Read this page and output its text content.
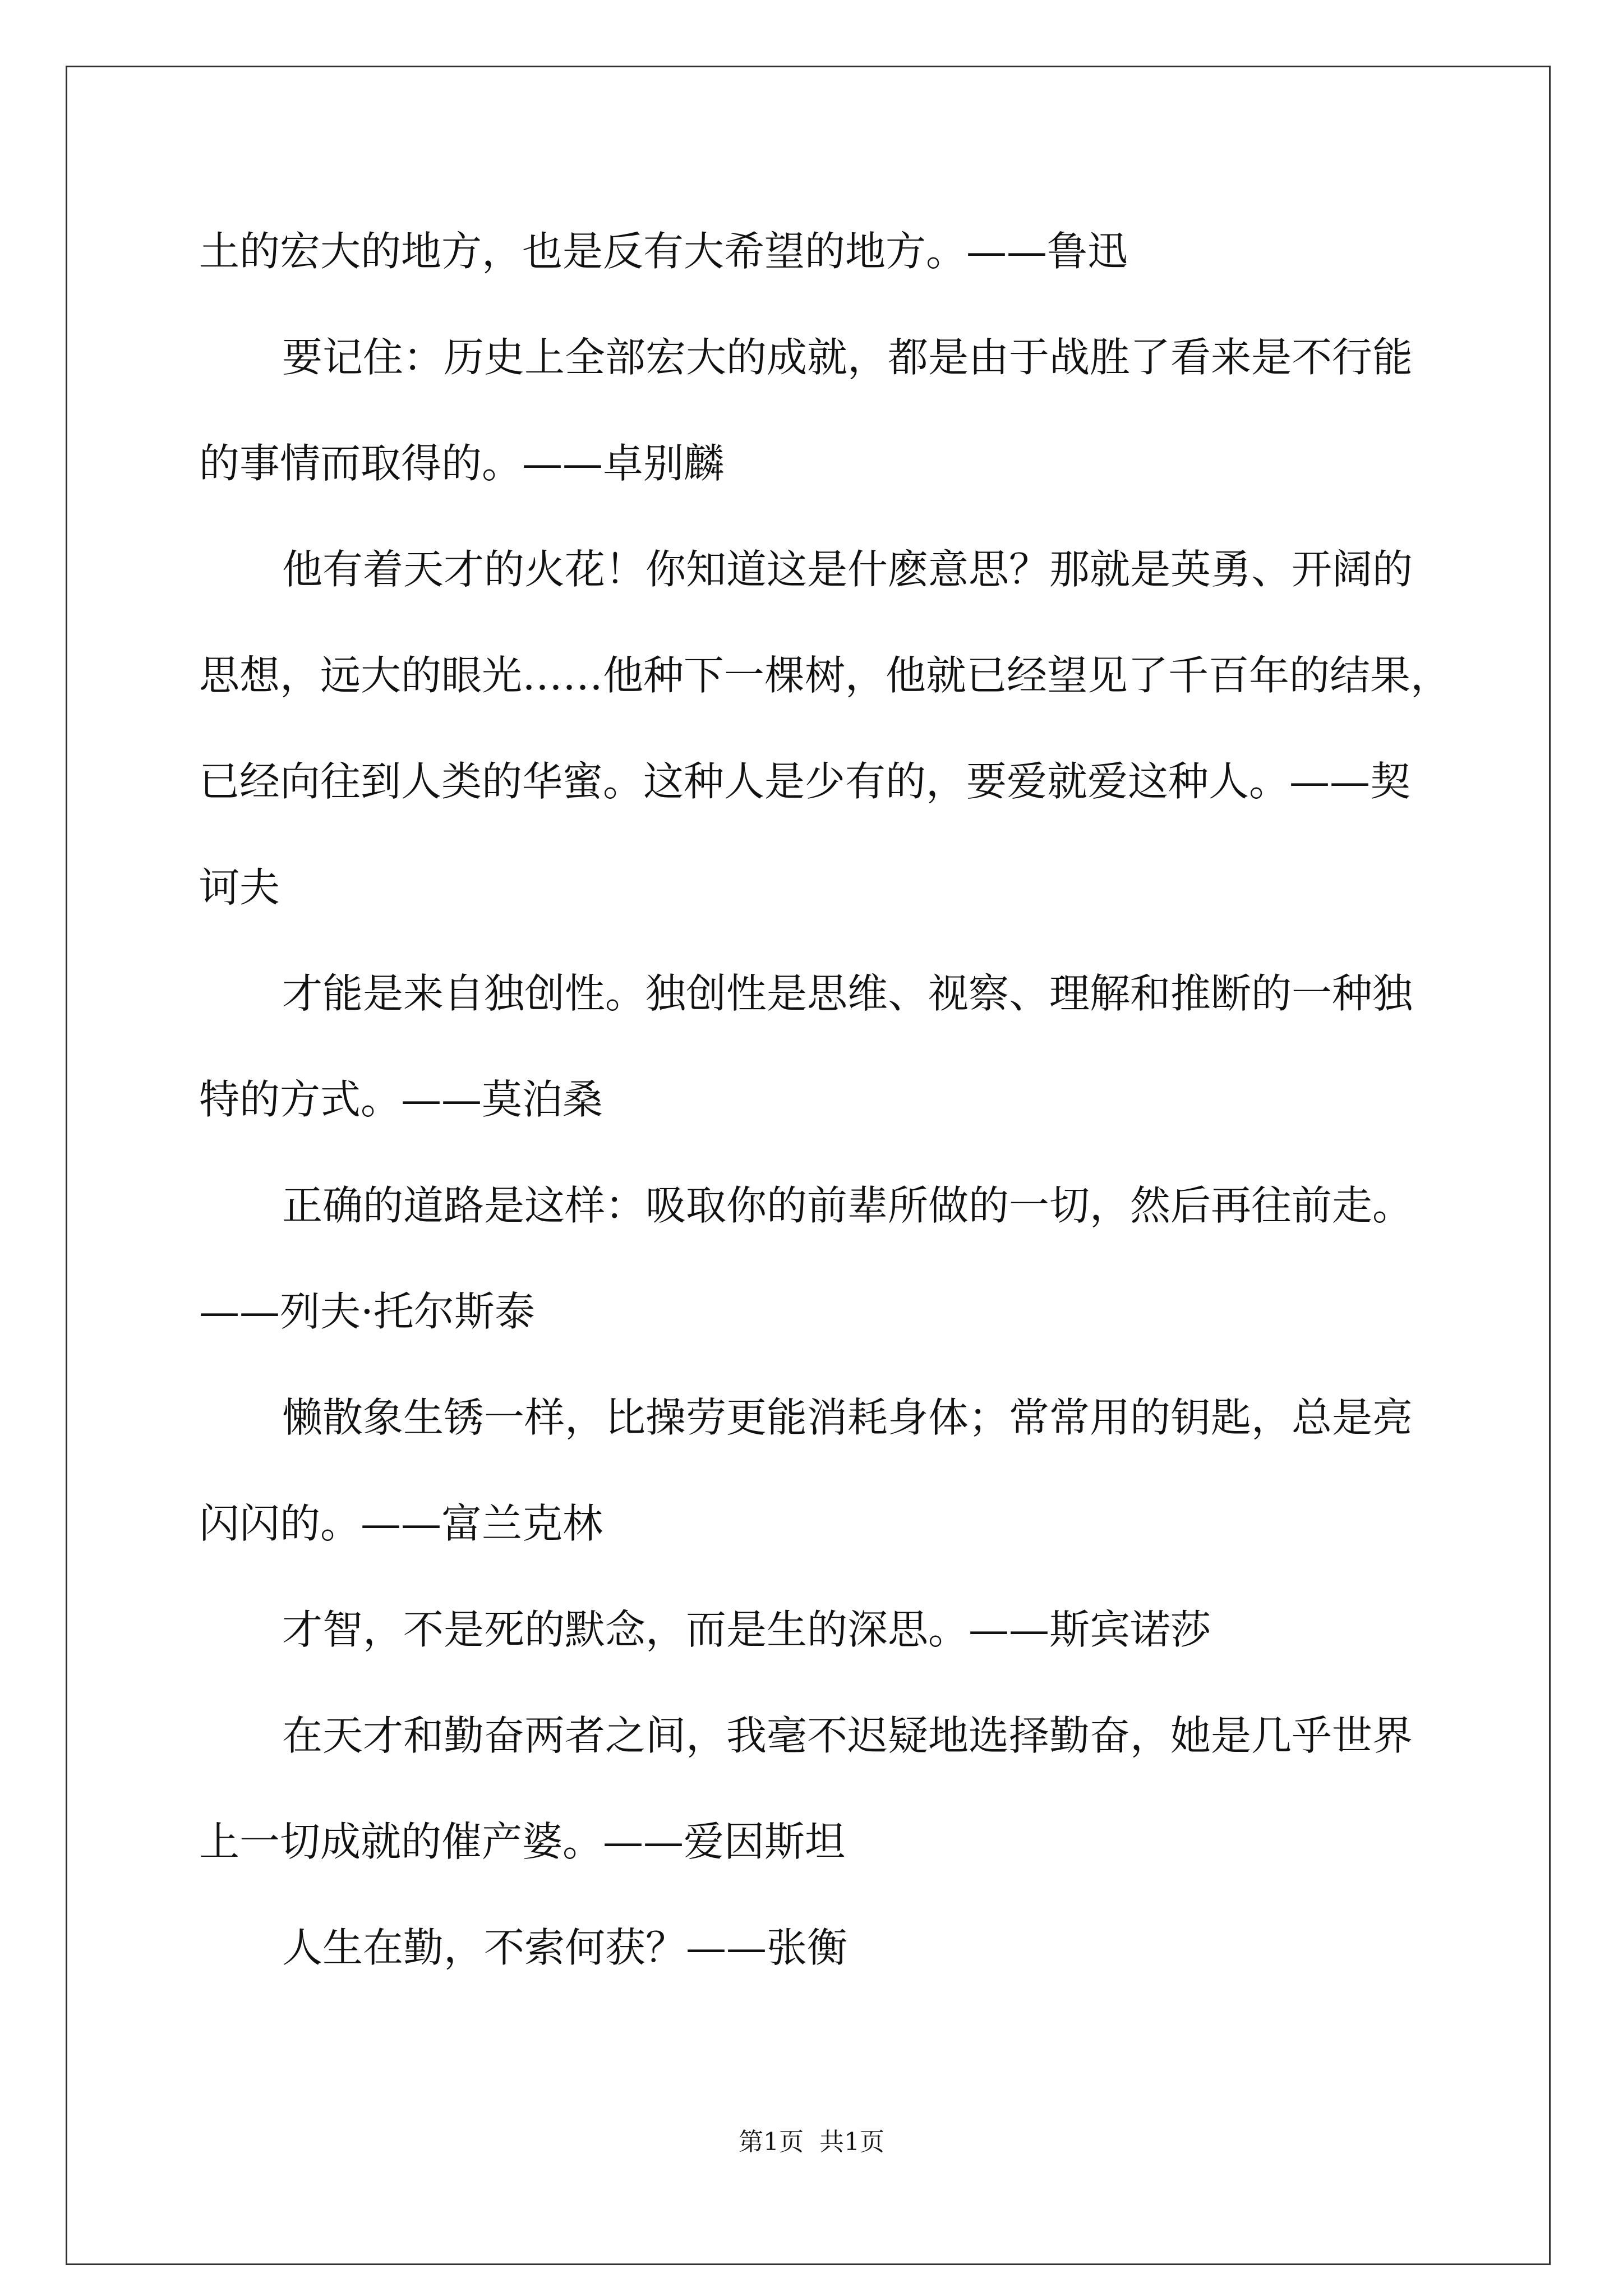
土的宏大的地方，也是反有大希望的地方。——鲁迅
要记住：历史上全部宏大的成就，都是由于战胜了看来是不行能
的事情而取得的。——卓别麟
他有着天才的火花！你知道这是什麽意思？那就是英勇、开阔的
思想，远大的眼光……他种下一棵树，他就已经望见了千百年的结果，
已经向往到人类的华蜜。这种人是少有的，要爱就爱这种人。——契
诃夫
才能是来自独创性。独创性是思维、视察、理解和推断的一种独
特的方式。——莫泊桑
正确的道路是这样：吸取你的前辈所做的一切，然后再往前走。
——列夫·托尔斯泰
懒散象生锈一样，比操劳更能消耗身体；常常用的钥匙，总是亮
闪闪的。——富兰克林
才智，不是死的默念，而是生的深思。——斯宾诺莎
在天才和勤奋两者之间，我毫不迟疑地选择勤奋，她是几乎世界
上一切成就的催产婆。——爱因斯坦
人生在勤，不索何获？——张衡
第1页  共1页
